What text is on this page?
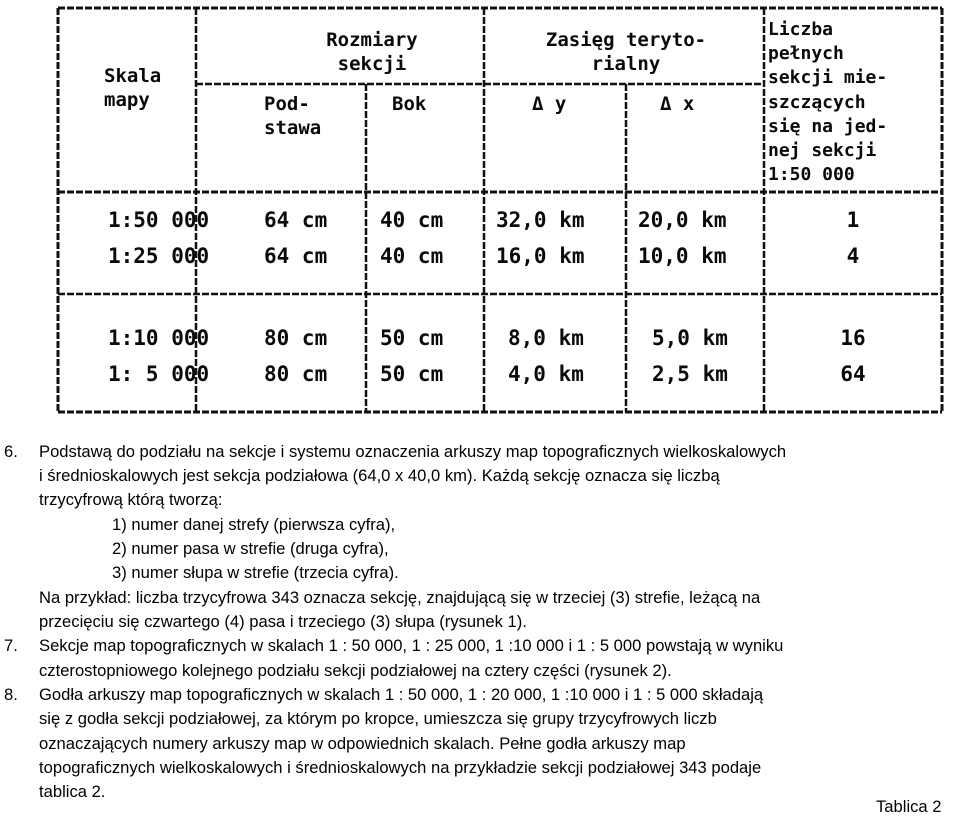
Skala
mapy
Rozmiary
sekcji
Pod-
stawa
Bok
Zasięg teryto-
rialny
Δ y	Δ x
Liczba
pełnych
sekcji mie-
szczących
się na jed-
nej sekcji
1:50 000
1:50 000	64 cm	40 cm	32,0 km	20,0 km	1
1:25 000	64 cm	40 cm	16,0 km	10,0 km	4
1:10 000	80 cm	50 cm	8,0 km	5,0 km	16
1: 5 000	80 cm	50 cm	4,0 km	2,5 km	64
6. Podstawą do podziału na sekcje i systemu oznaczenia arkuszy map topograficznych wielkoskalowych
i średnioskalowych jest sekcja podziałowa (64,0 x 40,0 km). Każdą sekcję oznacza się liczbą
trzycyfrową którą tworzą:
1) numer danej strefy (pierwsza cyfra),
2) numer pasa w strefie (druga cyfra),
3) numer słupa w strefie (trzecia cyfra).
Na przykład: liczba trzycyfrowa 343 oznacza sekcję, znajdującą się w trzeciej (3) strefie, leżącą na
przecięciu się czwartego (4) pasa i trzeciego (3) słupa (rysunek 1).
7. Sekcje map topograficznych w skalach 1 : 50 000, 1 : 25 000, 1 :10 000 i 1 : 5 000 powstają w wyniku
czterostopniowego kolejnego podziału sekcji podziałowej na cztery części (rysunek 2).
8. Godła arkuszy map topograficznych w skalach 1 : 50 000, 1 : 20 000, 1 :10 000 i 1 : 5 000 składają
się z godła sekcji podziałowej, za którym po kropce, umieszcza się grupy trzycyfrowych liczb
oznaczających numery arkuszy map w odpowiednich skalach. Pełne godła arkuszy map
topograficznych wielkoskalowych i średnioskalowych na przykładzie sekcji podziałowej 343 podaje
tablica 2.
Tablica 2
